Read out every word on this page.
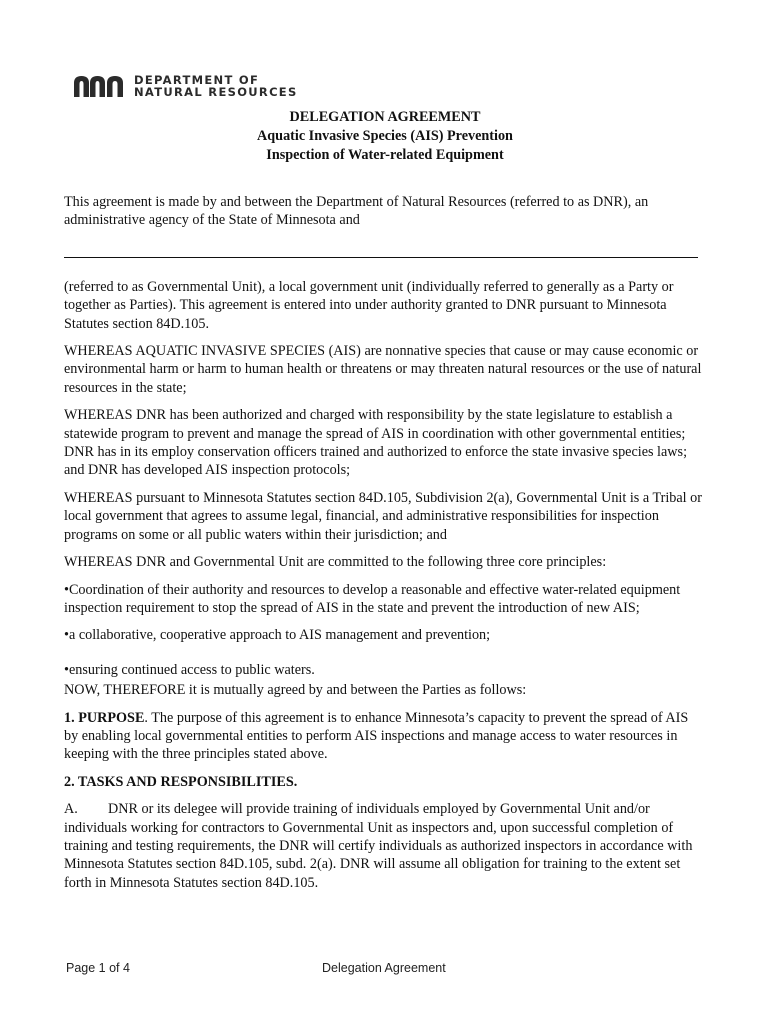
DEPARTMENT OF
NATURAL RESOURCES
DELEGATION AGREEMENT
Aquatic Invasive Species (AIS) Prevention
Inspection of Water-related Equipment

This agreement is made by and between the Department of Natural Resources (referred to as DNR), an administrative agency of the State of Minnesota and

(referred to as Governmental Unit), a local government unit (individually referred to generally as a Party or together as Parties). This agreement is entered into under authority granted to DNR pursuant to Minnesota Statutes section 84D.105.

WHEREAS AQUATIC INVASIVE SPECIES (AIS) are nonnative species that cause or may cause economic or environmental harm or harm to human health or threatens or may threaten natural resources or the use of natural resources in the state;

WHEREAS DNR has been authorized and charged with responsibility by the state legislature to establish a statewide program to prevent and manage the spread of AIS in coordination with other governmental entities; DNR has in its employ conservation officers trained and authorized to enforce the state invasive species laws; and DNR has developed AIS inspection protocols;

WHEREAS pursuant to Minnesota Statutes section 84D.105, Subdivision 2(a), Governmental Unit is a Tribal or local government that agrees to assume legal, financial, and administrative responsibilities for inspection programs on some or all public waters within their jurisdiction; and

WHEREAS DNR and Governmental Unit are committed to the following three core principles:

•Coordination of their authority and resources to develop a reasonable and effective water-related equipment inspection requirement to stop the spread of AIS in the state and prevent the introduction of new AIS;

•a collaborative, cooperative approach to AIS management and prevention;

•ensuring continued access to public waters.

NOW, THEREFORE it is mutually agreed by and between the Parties as follows:

1. PURPOSE. The purpose of this agreement is to enhance Minnesota’s capacity to prevent the spread of AIS by enabling local governmental entities to perform AIS inspections and manage access to water resources in keeping with the three principles stated above.

2. TASKS AND RESPONSIBILITIES.

A. DNR or its delegee will provide training of individuals employed by Governmental Unit and/or individuals working for contractors to Governmental Unit as inspectors and, upon successful completion of training and testing requirements, the DNR will certify individuals as authorized inspectors in accordance with Minnesota Statutes section 84D.105, subd. 2(a). DNR will assume all obligation for training to the extent set forth in Minnesota Statutes section 84D.105.

Page 1 of 4	Delegation Agreement
